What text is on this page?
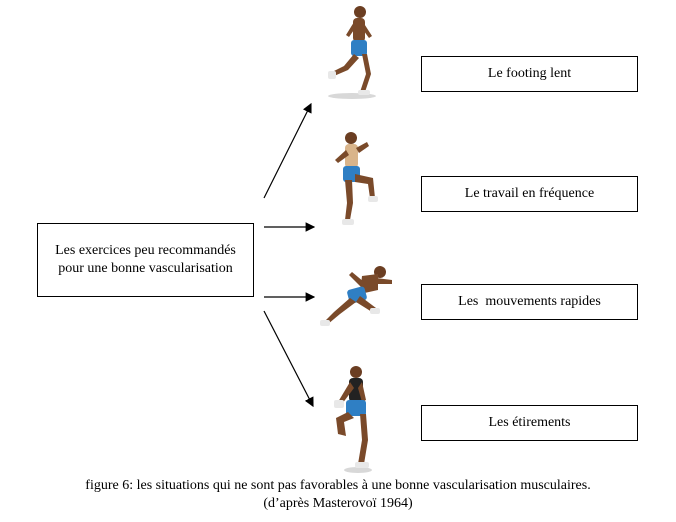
Les exercices peu recommandés pour une bonne vascularisation
Le footing lent
Le travail en fréquence
Les  mouvements rapides
Les étirements
figure 6: les situations qui ne sont pas favorables à une bonne vascularisation musculaires.
(d’après Masterovoï 1964)
